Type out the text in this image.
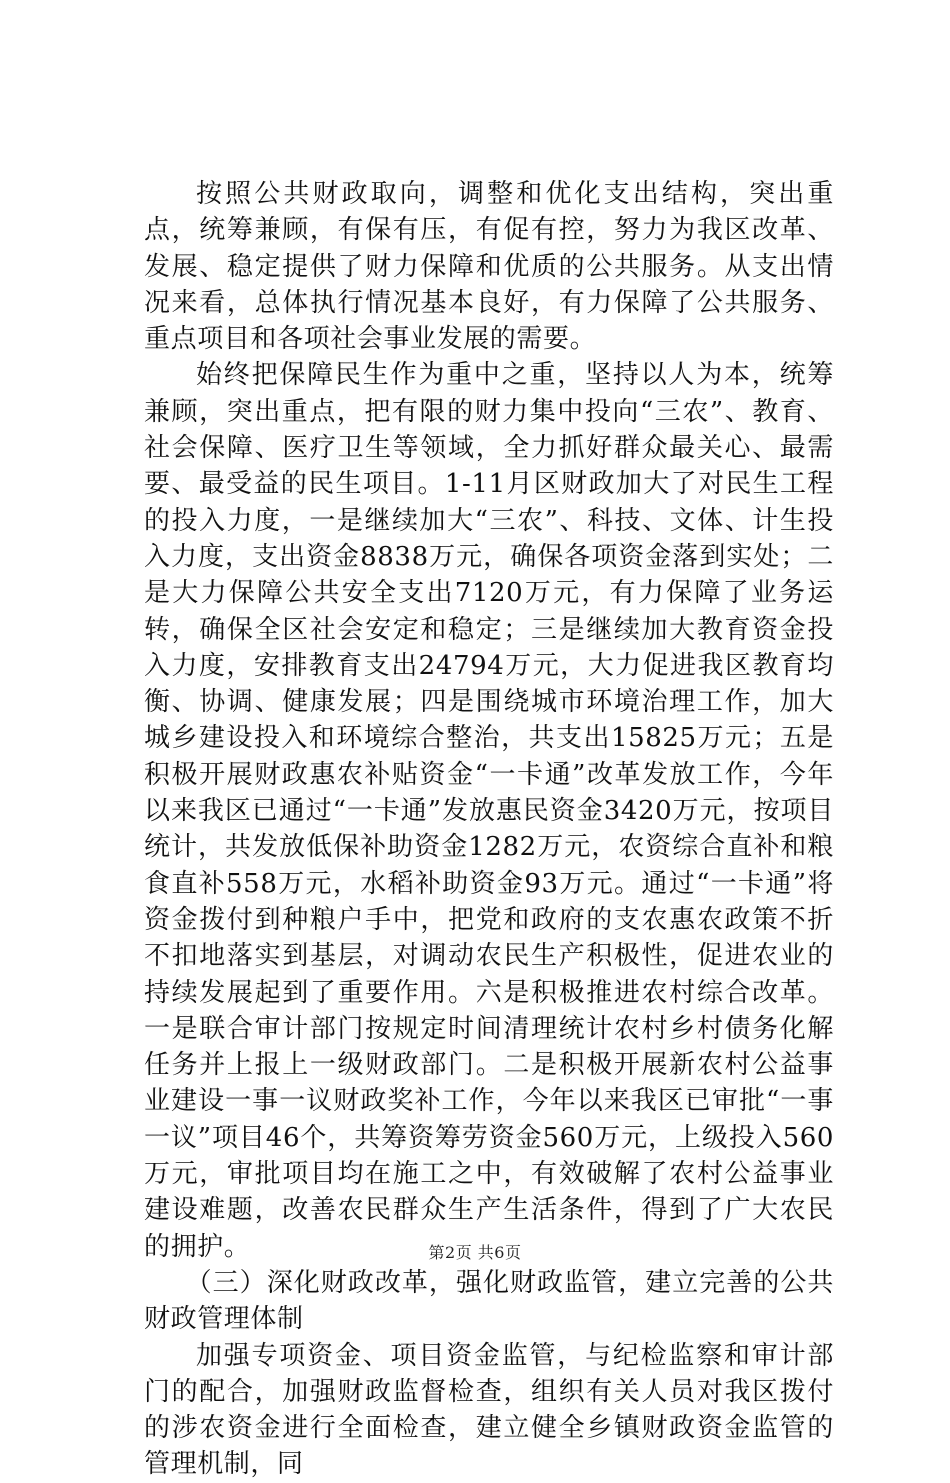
按照公共财政取向，调整和优化支出结构，突出重点，统筹兼顾，有保有压，有促有控，努力为我区改革、发展、稳定提供了财力保障和优质的公共服务。从支出情况来看，总体执行情况基本良好，有力保障了公共服务、重点项目和各项社会事业发展的需要。

始终把保障民生作为重中之重，坚持以人为本，统筹兼顾，突出重点，把有限的财力集中投向“三农”、教育、社会保障、医疗卫生等领域，全力抓好群众最关心、最需要、最受益的民生项目。1-11月区财政加大了对民生工程的投入力度，一是继续加大“三农”、科技、文体、计生投入力度，支出资金8838万元，确保各项资金落到实处；二是大力保障公共安全支出7120万元，有力保障了业务运转，确保全区社会安定和稳定；三是继续加大教育资金投入力度，安排教育支出24794万元，大力促进我区教育均衡、协调、健康发展；四是围绕城市环境治理工作，加大城乡建设投入和环境综合整治，共支出15825万元；五是积极开展财政惠农补贴资金“一卡通”改革发放工作，今年以来我区已通过“一卡通”发放惠民资金3420万元，按项目统计，共发放低保补助资金1282万元，农资综合直补和粮食直补558万元，水稻补助资金93万元。通过“一卡通”将资金拨付到种粮户手中，把党和政府的支农惠农政策不折不扣地落实到基层，对调动农民生产积极性，促进农业的持续发展起到了重要作用。六是积极推进农村综合改革。一是联合审计部门按规定时间清理统计农村乡村债务化解任务并上报上一级财政部门。二是积极开展新农村公益事业建设一事一议财政奖补工作，今年以来我区已审批“一事一议”项目46个，共筹资筹劳资金560万元，上级投入560万元，审批项目均在施工之中，有效破解了农村公益事业建设难题，改善农民群众生产生活条件，得到了广大农民的拥护。

（三）深化财政改革，强化财政监管，建立完善的公共财政管理体制

加强专项资金、项目资金监管，与纪检监察和审计部门的配合，加强财政监督检查，组织有关人员对我区拨付的涉农资金进行全面检查，建立健全乡镇财政资金监管的管理机制，同

第2页 共6页
